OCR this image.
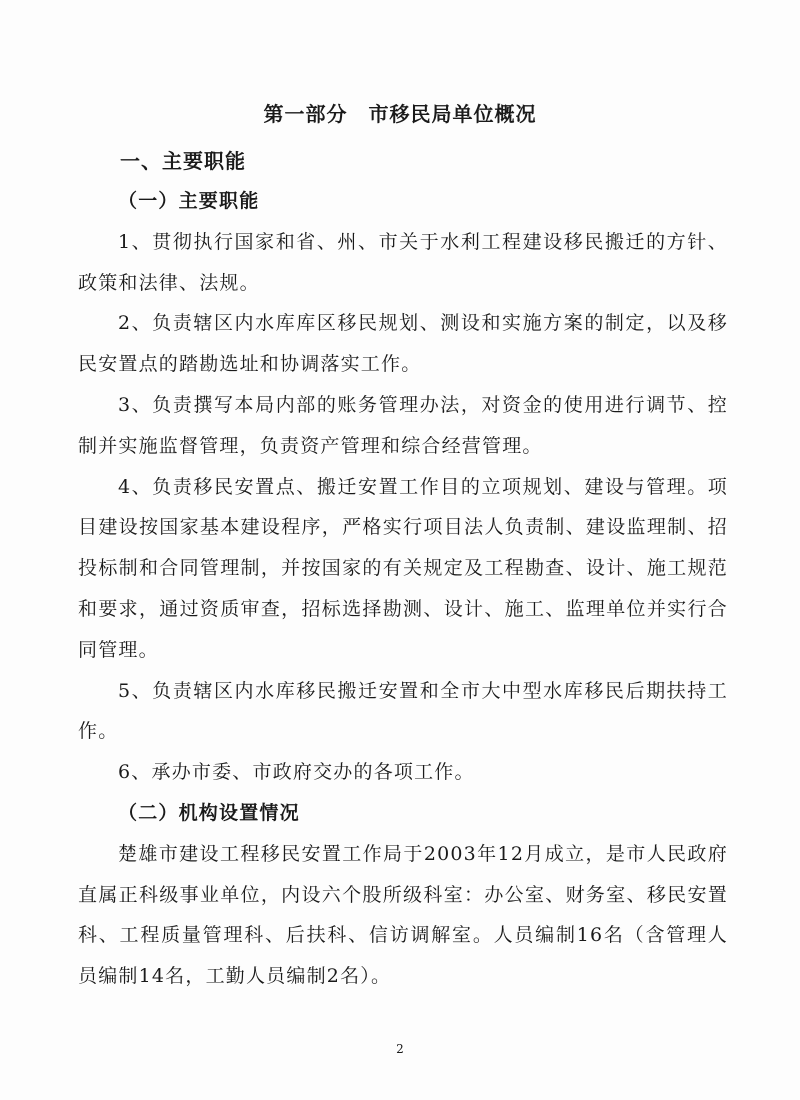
第一部分　市移民局单位概况
一、主要职能

（一）主要职能

1、贯彻执行国家和省、州、市关于水利工程建设移民搬迁的方针、政策和法律、法规。

2、负责辖区内水库库区移民规划、测设和实施方案的制定，以及移民安置点的踏勘选址和协调落实工作。

3、负责撰写本局内部的账务管理办法，对资金的使用进行调节、控制并实施监督管理，负责资产管理和综合经营管理。

4、负责移民安置点、搬迁安置工作目的立项规划、建设与管理。项目建设按国家基本建设程序，严格实行项目法人负责制、建设监理制、招投标制和合同管理制，并按国家的有关规定及工程勘查、设计、施工规范和要求，通过资质审查，招标选择勘测、设计、施工、监理单位并实行合同管理。

5、负责辖区内水库移民搬迁安置和全市大中型水库移民后期扶持工作。

6、承办市委、市政府交办的各项工作。

（二）机构设置情况

楚雄市建设工程移民安置工作局于2003年12月成立，是市人民政府直属正科级事业单位，内设六个股所级科室：办公室、财务室、移民安置科、工程质量管理科、后扶科、信访调解室。人员编制16名（含管理人员编制14名，工勤人员编制2名）。

2
